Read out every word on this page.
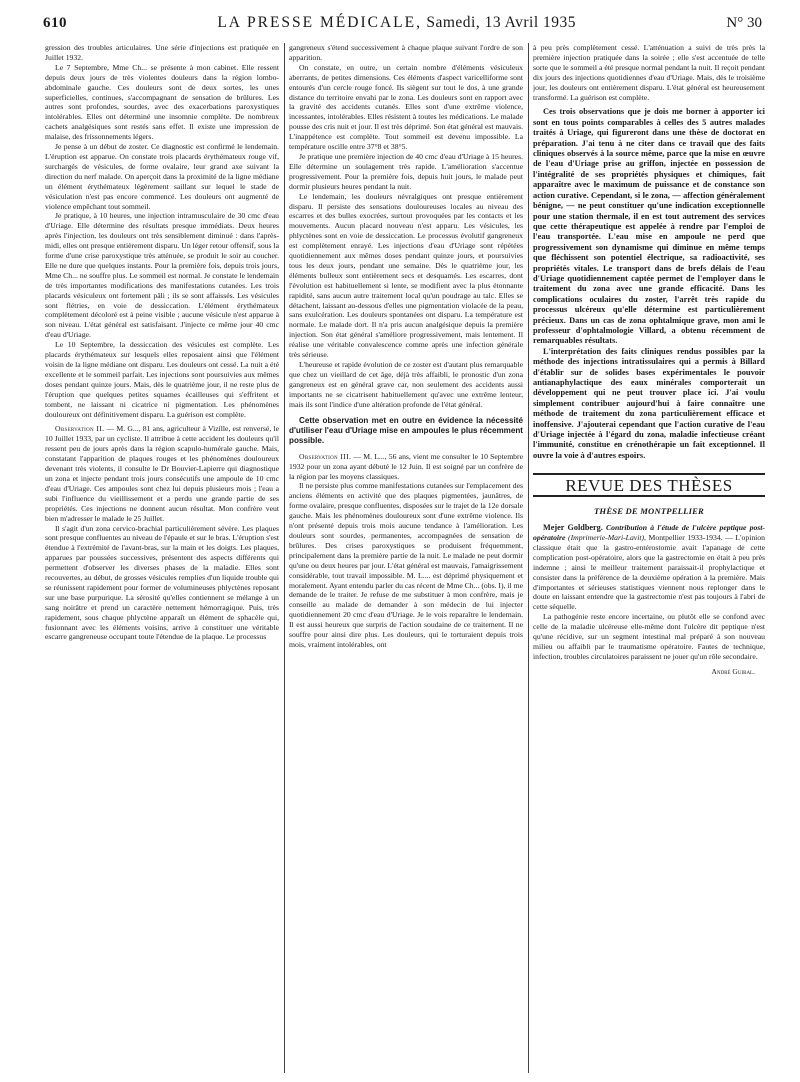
610	LA PRESSE MÉDICALE, Samedi, 13 Avril 1935	N° 30

gression des troubles articulaires. Une série d'injections est pratiquée en Juillet 1932.

Le 7 Septembre, Mme Ch... se présente à mon cabinet. Elle ressent depuis deux jours de très violentes douleurs dans la région lombo-abdominale gauche. Ces douleurs sont de deux sortes, les unes superficielles, continues, s'accompagnant de sensation de brûlures. Les autres sont profondes, sourdes, avec des exacerbations paroxystiques intolérables. Elles ont déterminé une insomnie complète. De nombreux cachets analgésiques sont restés sans effet. Il existe une impression de malaise, des frissonnements légers.

Je pense à un début de zoster. Ce diagnostic est confirmé le lendemain. L'éruption est apparue. On constate trois placards érythémateux rouge vif, surchargés de vésicules, de forme ovalaire, leur grand axe suivant la direction du nerf malade. On aperçoit dans la proximité de la ligne médiane un élément érythémateux légèrement saillant sur lequel le stade de vésiculation n'est pas encore commencé. Les douleurs ont augmenté de violence empêchant tout sommeil.

Je pratique, à 10 heures, une injection intramusculaire de 30 cmc d'eau d'Uriage. Elle détermine des résultats presque immédiats. Deux heures après l'injection, les douleurs ont très sensiblement diminué : dans l'après-midi, elles ont presque entièrement disparu. Un léger retour offensif, sous la forme d'une crise paroxystique très atténuée, se produit le soir au coucher. Elle ne dure que quelques instants. Pour la première fois, depuis trois jours, Mme Ch... ne souffre plus. Le sommeil est normal. Je constate le lendemain de très importantes modifications des manifestations cutanées. Les trois placards vésiculeux ont fortement pâli ; ils se sont affaissés. Les vésicules sont flétries, en voie de dessiccation. L'élément érythémateux complètement décoloré est à peine visible ; aucune vésicule n'est apparue à son niveau. L'état général est satisfaisant. J'injecte ce même jour 40 cmc d'eau d'Uriage.

Le 10 Septembre, la dessiccation des vésicules est complète. Les placards érythémateux sur lesquels elles reposaient ainsi que l'élément voisin de la ligne médiane ont disparu. Les douleurs ont cessé. La nuit a été excellente et le sommeil parfait. Les injections sont poursuivies aux mêmes doses pendant quinze jours. Mais, dès le quatrième jour, il ne reste plus de l'éruption que quelques petites squames écailleuses qui s'effritent et tombent, ne laissant ni cicatrice ni pigmentation. Les phénomènes douloureux ont définitivement disparu. La guérison est complète.

Observation II. — M. G..., 81 ans, agriculteur à Vizille, est renversé, le 10 Juillet 1933, par un cycliste. Il attribue à cette accident les douleurs qu'il ressent peu de jours après dans la région scapulo-humérale gauche. Mais, constatant l'apparition de plaques rouges et les phénomènes douloureux devenant très violents, il consulte le Dr Bouvier-Lapierre qui diagnostique un zona et injecte pendant trois jours consécutifs une ampoule de 10 cmc d'eau d'Uriage. Ces ampoules sont chez lui depuis plusieurs mois ; l'eau a subi l'influence du vieillissement et a perdu une grande partie de ses propriétés. Ces injections ne donnent aucun résultat. Mon confrère veut bien m'adresser le malade le 25 Juillet.

Il s'agit d'un zona cervico-brachial particulièrement sévère. Les plaques sont presque confluentes au niveau de l'épaule et sur le bras. L'éruption s'est étendue à l'extrémité de l'avant-bras, sur la main et les doigts. Les plaques, apparues par poussées successives, présentent des aspects différents qui permettent d'observer les diverses phases de la maladie. Elles sont recouvertes, au début, de grosses vésicules remplies d'un liquide trouble qui se réunissent rapidement pour former de volumineuses phlyctènes reposant sur une base purpurique. La sérosité qu'elles contiennent se mélange à un sang noirâtre et prend un caractère nettement hémorragique. Puis, très rapidement, sous chaque phlyctène apparaît un élément de sphacèle qui, fusionnant avec les éléments voisins, arrive à constituer une véritable escarre gangreneuse occupant toute l'étendue de la plaque. Le processus

gangreneux s'étend successivement à chaque plaque suivant l'ordre de son apparition.

On constate, en outre, un certain nombre d'éléments vésiculeux aberrants, de petites dimensions. Ces éléments d'aspect varicelliforme sont entourés d'un cercle rouge foncé. Ils siègent sur tout le dos, à une grande distance du territoire envahi par le zona. Les douleurs sont en rapport avec la gravité des accidents cutanés. Elles sont d'une extrême violence, incessantes, intolérables. Elles résistent à toutes les médications. Le malade pousse des cris nuit et jour. Il est très déprimé. Son état général est mauvais. L'inappétence est complète. Tout sommeil est devenu impossible. La température oscille entre 37°8 et 38°5.

Je pratique une première injection de 40 cmc d'eau d'Uriage à 15 heures. Elle détermine un soulagement très rapide. L'amélioration s'accentue progressivement. Pour la première fois, depuis huit jours, le malade peut dormir plusieurs heures pendant la nuit.

Le lendemain, les douleurs névralgiques ont presque entièrement disparu. Il persiste des sensations douloureuses locales au niveau des escarres et des bulles exocrées, surtout provoquées par les contacts et les mouvements. Aucun placard nouveau n'est apparu. Les vésicules, les phlyctènes sont en voie de dessiccation. Le processus évolutif gangreneux est complètement enrayé. Les injections d'eau d'Uriage sont répétées quotidiennement aux mêmes doses pendant quinze jours, et poursuivies tous les deux jours, pendant une semaine. Dès le quatrième jour, les éléments bulleux sont entièrement secs et desquamés. Les escarres, dont l'évolution est habituellement si lente, se modifient avec la plus étonnante rapidité, sans aucun autre traitement local qu'un poudrage au talc. Elles se détachent, laissant au-dessous d'elles une pigmentation violacée de la peau, sans exulcération. Les douleurs spontanées ont disparu. La température est normale. Le malade dort. Il n'a pris aucun analgésique depuis la première injection. Son état général s'améliore progressivement, mais lentement. Il réalise une véritable convalescence comme après une infection générale très sérieuse.

L'heureuse et rapide évolution de ce zoster est d'autant plus remarquable que chez un vieillard de cet âge, déjà très affaibli, le pronostic d'un zona gangreneux est en général grave car, non seulement des accidents aussi importants ne se cicatrisent habituellement qu'avec une extrême lenteur, mais ils sont l'indice d'une altération profonde de l'état général.

Cette observation met en outre en évidence la nécessité d'utiliser l'eau d'Uriage mise en ampoules le plus récemment possible.

Observation III. — M. L..., 56 ans, vient me consulter le 10 Septembre 1932 pour un zona ayant débuté le 12 Juin. Il est soigné par un confrère de la région par les moyens classiques.

Il ne persiste plus comme manifestations cutanées sur l'emplacement des anciens éléments en activité que des plaques pigmentées, jaunâtres, de forme ovalaire, presque confluentes, disposées sur le trajet de la 12e dorsale gauche. Mais les phénomènes douloureux sont d'une extrême violence. Ils n'ont présenté depuis trois mois aucune tendance à l'amélioration. Les douleurs sont sourdes, permanentes, accompagnées de sensation de brûlures. Des crises paroxystiques se produisent fréquemment, principalement dans la première partie de la nuit. Le malade ne peut dormir qu'une ou deux heures par jour. L'état général est mauvais, l'amaigrissement considérable, tout travail impossible. M. L.... est déprimé physiquement et moralement. Ayant entendu parler du cas récent de Mme Ch... (obs. I), il me demande de le traiter. Je refuse de me substituer à mon confrère, mais je conseille au malade de demander à son médecin de lui injecter quotidiennement 20 cmc d'eau d'Uriage. Je le vois reparaître le lendemain. Il est aussi heureux que surpris de l'action soudaine de ce traitement. Il ne souffre pour ainsi dire plus. Les douleurs, qui le torturaient depuis trois mois, vraiment intolérables, ont

à peu près complètement cessé. L'atténuation a suivi de très près la première injection pratiquée dans la soirée ; elle s'est accentuée de telle sorte que le sommeil a été presque normal pendant la nuit. Il reçoit pendant dix jours des injections quotidiennes d'eau d'Uriage. Mais, dès le troisième jour, les douleurs ont entièrement disparu. L'état général est heureusement transformé. La guérison est complète.

Ces trois observations que je dois me borner à apporter ici sont en tous points comparables à celles des 5 autres malades traités à Uriage, qui figureront dans une thèse de doctorat en préparation. J'ai tenu à ne citer dans ce travail que des faits cliniques observés à la source même, parce que la mise en œuvre de l'eau d'Uriage prise au griffon, injectée en possession de l'intégralité de ses propriétés physiques et chimiques, fait apparaître avec le maximum de puissance et de constance son action curative. Cependant, si le zona, — affection généralement bénigne, — ne peut constituer qu'une indication exceptionnelle pour une station thermale, il en est tout autrement des services que cette thérapeutique est appelée à rendre par l'emploi de l'eau transportée. L'eau mise en ampoule ne perd que progressivement son dynamisme qui diminue en même temps que fléchissent son potentiel électrique, sa radioactivité, ses propriétés vitales. Le transport dans de brefs délais de l'eau d'Uriage quotidiennement captée permet de l'employer dans le traitement du zona avec une grande efficacité. Dans les complications oculaires du zoster, l'arrêt très rapide du processus ulcéreux qu'elle détermine est particulièrement précieux. Dans un cas de zona ophtalmique grave, mon ami le professeur d'ophtalmologie Villard, a obtenu récemment de remarquables résultats.

L'interprétation des faits cliniques rendus possibles par la méthode des injections intratissulaires qui a permis à Billard d'établir sur de solides bases expérimentales le pouvoir antianaphylactique des eaux minérales comporterait un développement qui ne peut trouver place ici. J'ai voulu simplement contribuer aujourd'hui à faire connaître une méthode de traitement du zona particulièrement efficace et inoffensive. J'ajouterai cependant que l'action curative de l'eau d'Uriage injectée à l'égard du zona, maladie infectieuse créant l'immunité, constitue en crénothérapie un fait exceptionnel. Il ouvre la voie à d'autres espoirs.

REVUE DES THÈSES
THÈSE DE MONTPELLIER

Mejer Goldberg. Contribution à l'étude de l'ulcère peptique post-opératoire (Imprimerie-Mari-Lavit), Montpellier 1933-1934. — L'opinion classique était que la gastro-entérostomie avait l'apanage de cette complication post-opératoire, alors que la gastrectomie en était à peu près indemne ; ainsi le meilleur traitement paraissait-il prophylactique et consister dans la préférence de la deuxième opération à la première. Mais d'importantes et sérieuses statistiques viennent nous replonger dans le doute en laissant entendre que la gastrectomie n'est pas toujours à l'abri de cette séquelle.

La pathogénie reste encore incertaine, ou plutôt elle se confond avec celle de la maladie ulcéreuse elle-même dont l'ulcère dit peptique n'est qu'une récidive, sur un segment intestinal mal préparé à son nouveau milieu ou affaibli par le traumatisme opératoire. Fautes de technique, infection, troubles circulatoires paraissent ne jouer qu'un rôle secondaire.

André Guibal.
